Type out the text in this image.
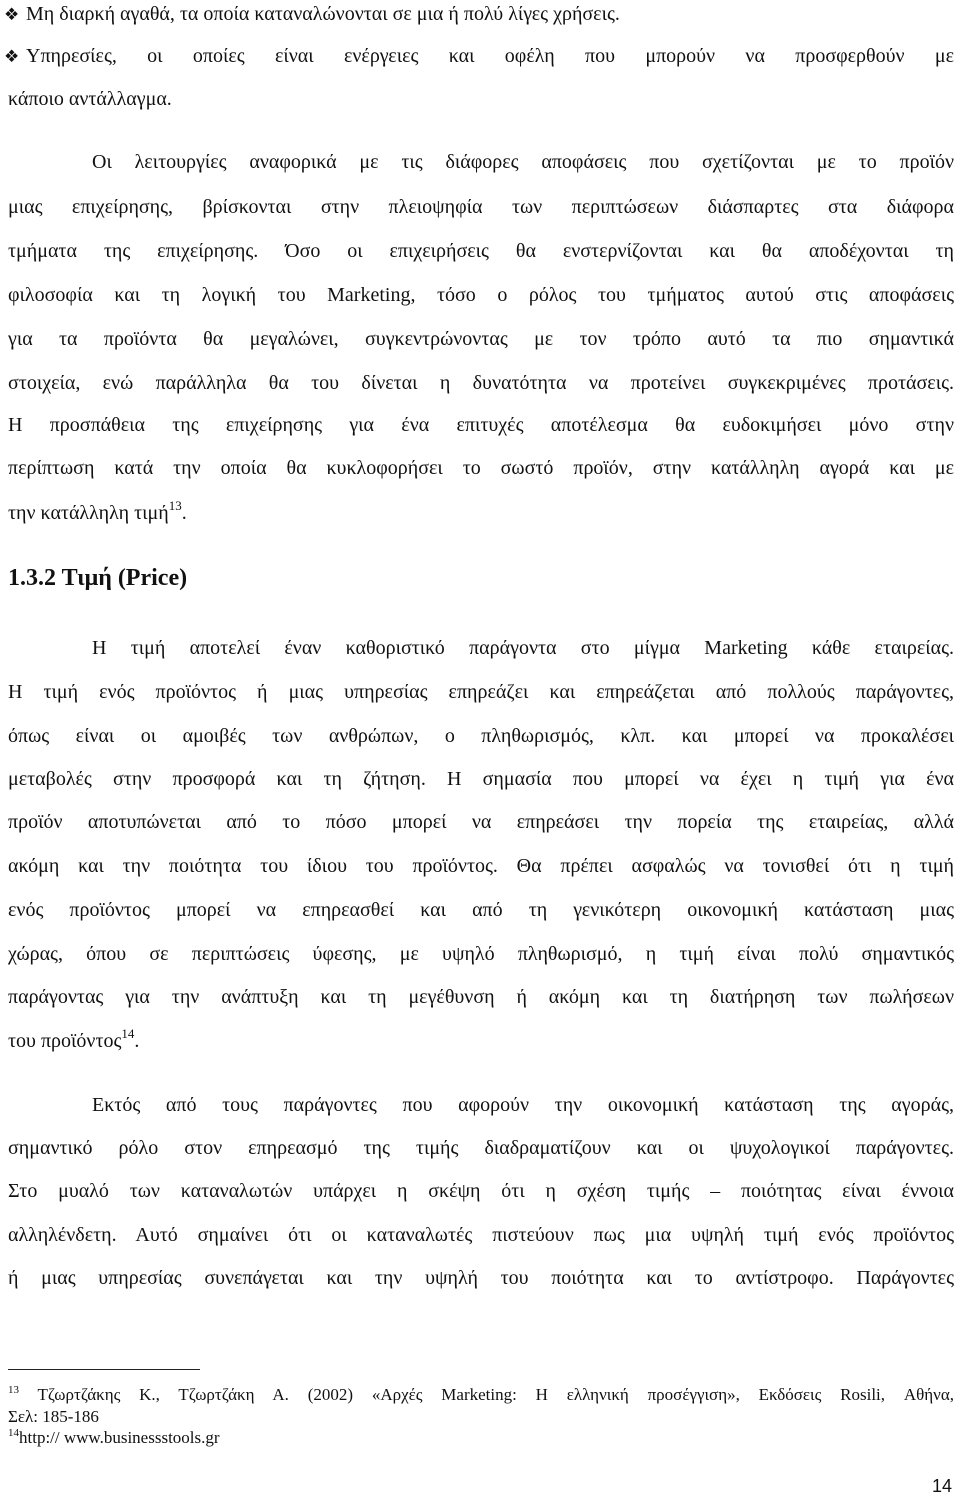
❖ Μη διαρκή αγαθά, τα οποία καταναλώνονται σε μια ή πολύ λίγες χρήσεις.
❖ Υπηρεσίες, οι οποίες είναι ενέργειες και οφέλη που μπορούν να προσφερθούν με
κάποιο αντάλλαγμα.
Οι λειτουργίες αναφορικά με τις διάφορες αποφάσεις που σχετίζονται με το προϊόν
μιας επιχείρησης, βρίσκονται στην πλειοψηφία των περιπτώσεων διάσπαρτες στα διάφορα
τμήματα της επιχείρησης. Όσο οι επιχειρήσεις θα ενστερνίζονται και θα αποδέχονται τη
φιλοσοφία και τη λογική του Marketing, τόσο ο ρόλος του τμήματος αυτού στις αποφάσεις
για τα προϊόντα θα μεγαλώνει, συγκεντρώνοντας με τον τρόπο αυτό τα πιο σημαντικά
στοιχεία, ενώ παράλληλα θα του δίνεται η δυνατότητα να προτείνει συγκεκριμένες προτάσεις.
Η προσπάθεια της επιχείρησης για ένα επιτυχές αποτέλεσμα θα ευδοκιμήσει μόνο στην
περίπτωση κατά την οποία θα κυκλοφορήσει το σωστό προϊόν, στην κατάλληλη αγορά και με
την κατάλληλη τιμή$^{13}$.
1.3.2 Τιμή (Price)
Η τιμή αποτελεί έναν καθοριστικό παράγοντα στο μίγμα Marketing κάθε εταιρείας.
Η τιμή ενός προϊόντος ή μιας υπηρεσίας επηρεάζει και επηρεάζεται από πολλούς παράγοντες,
όπως είναι οι αμοιβές των ανθρώπων, ο πληθωρισμός, κλπ. και μπορεί να προκαλέσει
μεταβολές στην προσφορά και τη ζήτηση. Η σημασία που μπορεί να έχει η τιμή για ένα
προϊόν αποτυπώνεται από το πόσο μπορεί να επηρεάσει την πορεία της εταιρείας, αλλά
ακόμη και την ποιότητα του ίδιου του προϊόντος. Θα πρέπει ασφαλώς να τονισθεί ότι η τιμή
ενός προϊόντος μπορεί να επηρεασθεί και από τη γενικότερη οικονομική κατάσταση μιας
χώρας, όπου σε περιπτώσεις ύφεσης, με υψηλό πληθωρισμό, η τιμή είναι πολύ σημαντικός
παράγοντας για την ανάπτυξη και τη μεγέθυνση ή ακόμη και τη διατήρηση των πωλήσεων
του προϊόντος$^{14}$.
Εκτός από τους παράγοντες που αφορούν την οικονομική κατάσταση της αγοράς,
σημαντικό ρόλο στον επηρεασμό της τιμής διαδραματίζουν και οι ψυχολογικοί παράγοντες.
Στο μυαλό των καταναλωτών υπάρχει η σκέψη ότι η σχέση τιμής – ποιότητας είναι έννοια
αλληλένδετη. Αυτό σημαίνει ότι οι καταναλωτές πιστεύουν πως μια υψηλή τιμή ενός προϊόντος
ή μιας υπηρεσίας συνεπάγεται και την υψηλή του ποιότητα και το αντίστροφο. Παράγοντες
$^{13}$ Τζωρτζάκης Κ., Τζωρτζάκη Α. (2002) «Αρχές Marketing: Η ελληνική προσέγγιση», Εκδόσεις Rosili, Αθήνα,
Σελ: 185-186
$^{14}$http:// www.businessstools.gr
14
